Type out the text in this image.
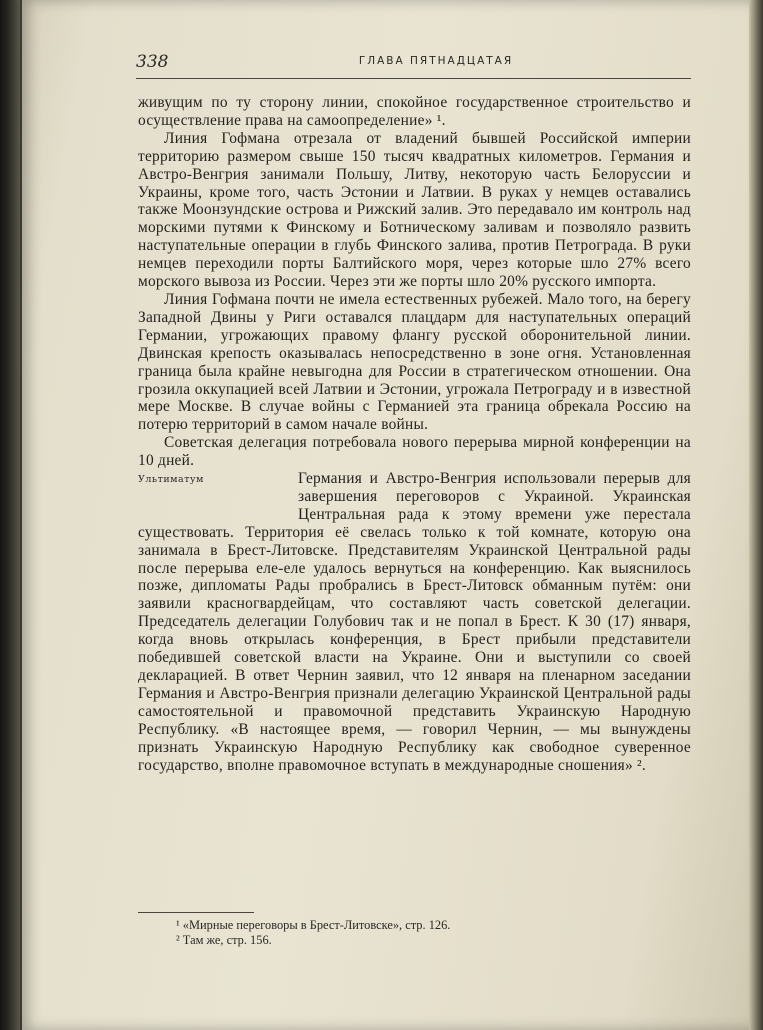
338	ГЛАВА ПЯТНАДЦАТАЯ

живущим по ту сторону линии, спокойное государственное строительство и осуществление права на самоопределение» ¹.

Линия Гофмана отрезала от владений бывшей Российской империи территорию размером свыше 150 тысяч квадратных километров. Германия и Австро-Венгрия занимали Польшу, Литву, некоторую часть Белоруссии и Украины, кроме того, часть Эстонии и Латвии. В руках у немцев оставались также Моонзундские острова и Рижский залив. Это передавало им контроль над морскими путями к Финскому и Ботническому заливам и позволяло развить наступательные операции в глубь Финского залива, против Петрограда. В руки немцев переходили порты Балтийского моря, через которые шло 27% всего морского вывоза из России. Через эти же порты шло 20% русского импорта.

Линия Гофмана почти не имела естественных рубежей. Мало того, на берегу Западной Двины у Риги оставался плацдарм для наступательных операций Германии, угрожающих правому флангу русской оборонительной линии. Двинская крепость оказывалась непосредственно в зоне огня. Установленная граница была крайне невыгодна для России в стратегическом отношении. Она грозила оккупацией всей Латвии и Эстонии, угрожала Петрограду и в известной мере Москве. В случае войны с Германией эта граница обрекала Россию на потерю территорий в самом начале войны.

Советская делегация потребовала нового перерыва мирной конференции на 10 дней.

Ультиматум	Германия и Австро-Венгрия использовали перерыв для завершения переговоров с Украиной. Украинская Центральная рада к этому времени уже перестала существовать. Территория её свелась только к той комнате, которую она занимала в Брест-Литовске. Представителям Украинской Центральной рады после перерыва еле-еле удалось вернуться на конференцию. Как выяснилось позже, дипломаты Рады пробрались в Брест-Литовск обманным путём: они заявили красногвардейцам, что составляют часть советской делегации. Председатель делегации Голубович так и не попал в Брест. К 30 (17) января, когда вновь открылась конференция, в Брест прибыли представители победившей советской власти на Украине. Они и выступили со своей декларацией. В ответ Чернин заявил, что 12 января на пленарном заседании Германия и Австро-Венгрия признали делегацию Украинской Центральной рады самостоятельной и правомочной представить Украинскую Народную Республику. «В настоящее время, — говорил Чернин, — мы вынуждены признать Украинскую Народную Республику как свободное суверенное государство, вполне правомочное вступать в международные сношения» ².
¹ «Мирные переговоры в Брест-Литовске», стр. 126.
² Там же, стр. 156.
